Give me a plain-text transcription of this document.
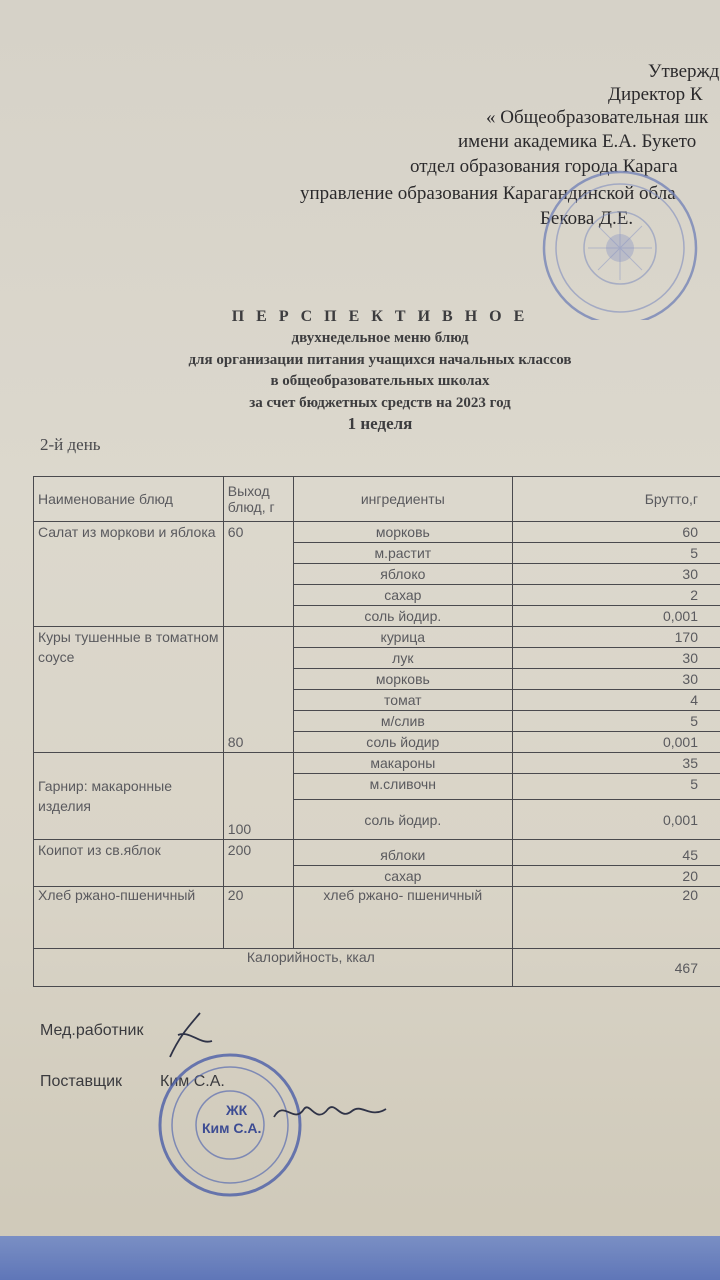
Утвержд
Директор К
« Общеобразовательная шк
имени академика Е.А. Букето
отдел образования города Карага
управление образования Карагандинской обла
Бекова Д.Е.
П Е Р С П Е К Т И В Н О Е
двухнедельное меню блюд
для организации питания учащихся начальных классов
в общеобразовательных школах
за счет бюджетных средств на 2023 год
1 неделя
2-й день
Наименование блюд	Выход блюд, г	ингредиенты	Брутто,г
Салат из моркови и яблока	60	морковь	60
		м.растит	5
		яблоко	30
		сахар	2
		соль йодир.	0,001
Куры тушенные в томатном соусе	80	курица	170
		лук	30
		морковь	30
		томат	4
		м/слив	5
		соль йодир	0,001
Гарнир: макаронные изделия	100	макароны	35
		м.сливочн	5
		соль йодир.	0,001
Коипот из св.яблок	200	яблоки	45
		сахар	20
Хлеб ржано-пшеничный	20	хлеб ржано- пшеничный	20
Калорийность, ккал			467
Мед.работник
Поставщик Ким С.А.
ЖК
Ким С.А.
